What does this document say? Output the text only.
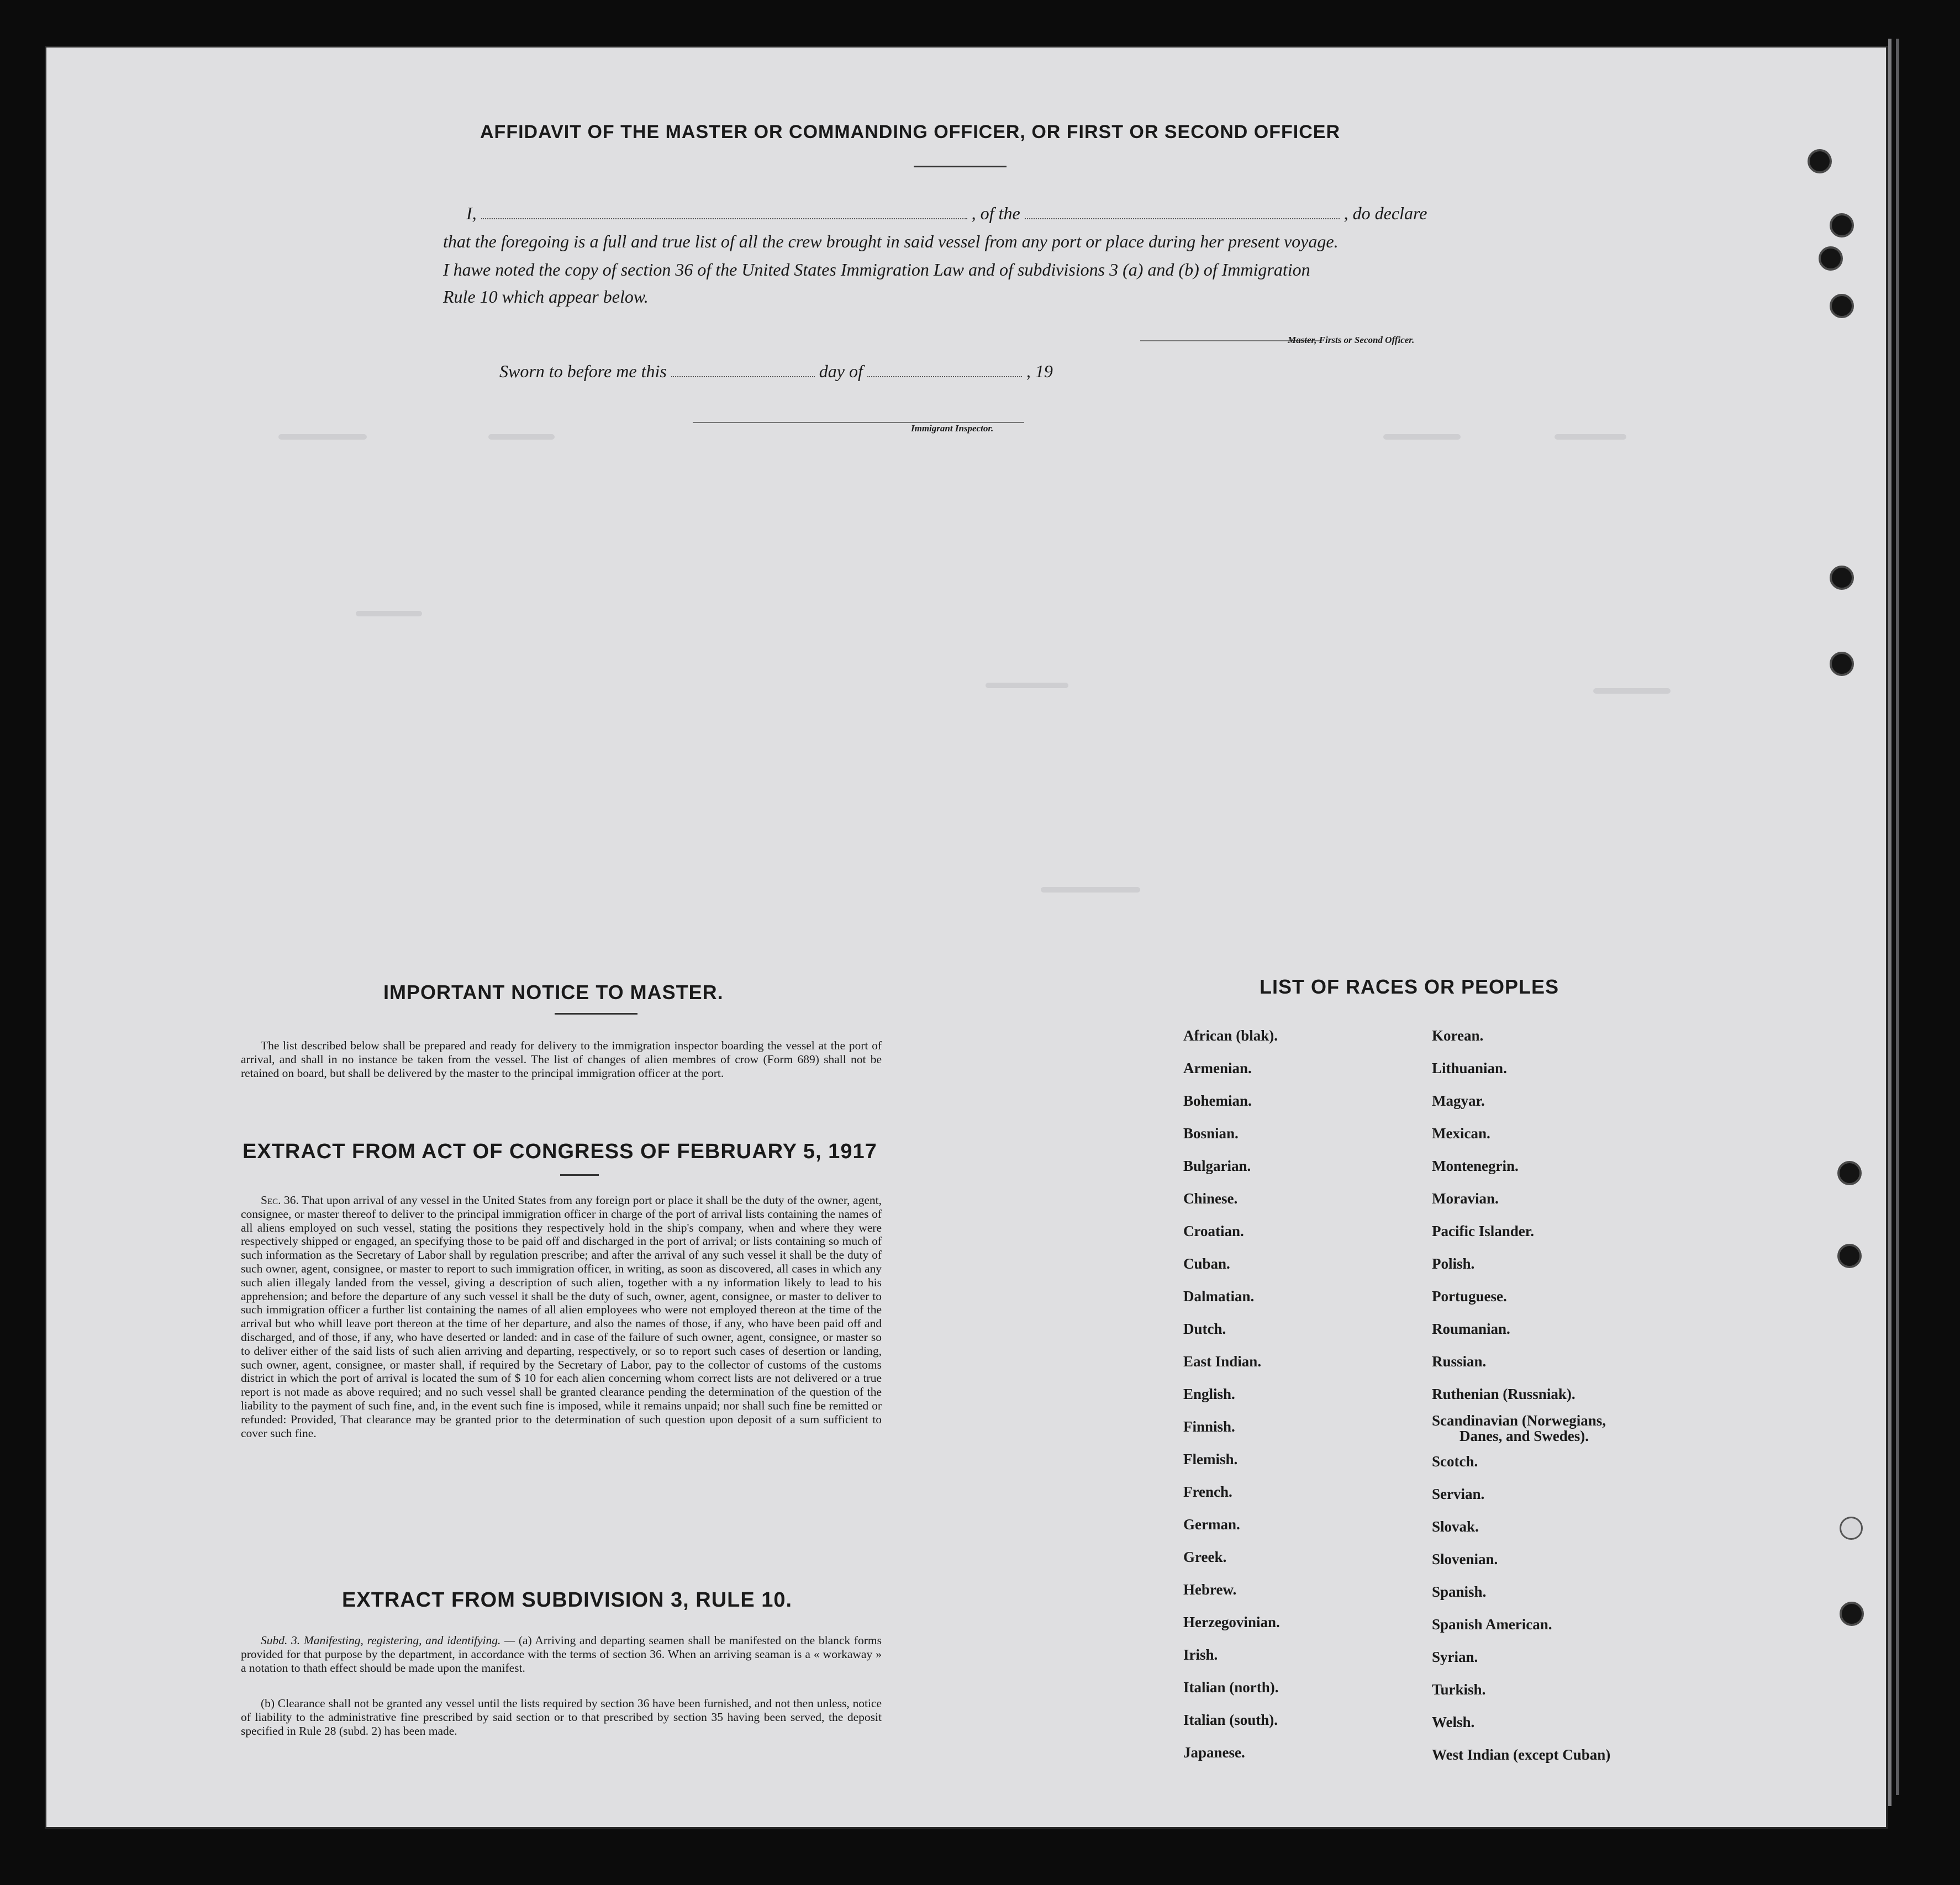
AFFIDAVIT OF THE MASTER OR COMMANDING OFFICER, OR FIRST OR SECOND OFFICER
I,	, of the	, do declare
that the foregoing is a full and true list of all the crew brought in said vessel from any port or place during her present voyage.
I hawe noted the copy of section 36 of the United States Immigration Law and of subdivisions 3 (a) and (b) of Immigration
Rule 10 which appear below.
Master, Firsts or Second Officer.
Sworn to before me this	day of	, 19
Immigrant Inspector.
IMPORTANT NOTICE TO MASTER.
The list described below shall be prepared and ready for delivery to the immigration inspector boarding the vessel at the port of arrival, and shall in no instance be taken from the vessel. The list of changes of alien membres of crow (Form 689) shall not be retained on board, but shall be delivered by the master to the principal immigration officer at the port.
EXTRACT FROM ACT OF CONGRESS OF FEBRUARY 5, 1917
Sec. 36. That upon arrival of any vessel in the United States from any foreign port or place it shall be the duty of the owner, agent, consignee, or master thereof to deliver to the principal immigration officer in charge of the port of arrival lists containing the names of all aliens employed on such vessel, stating the positions they respectively hold in the ship's company, when and where they were respectively shipped or engaged, an specifying those to be paid off and discharged in the port of arrival; or lists containing so much of such information as the Secretary of Labor shall by regulation prescribe; and after the arrival of any such vessel it shall be the duty of such owner, agent, consignee, or master to report to such immigration officer, in writing, as soon as discovered, all cases in which any such alien illegaly landed from the vessel, giving a description of such alien, together with a ny information likely to lead to his apprehension; and before the departure of any such vessel it shall be the duty of such, owner, agent, consignee, or master to deliver to such immigration officer a further list containing the names of all alien employees who were not employed thereon at the time of the arrival but who whill leave port thereon at the time of her departure, and also the names of those, if any, who have been paid off and discharged, and of those, if any, who have deserted or landed: and in case of the failure of such owner, agent, consignee, or master so to deliver either of the said lists of such alien arriving and departing, respectively, or so to report such cases of desertion or landing, such owner, agent, consignee, or master shall, if required by the Secretary of Labor, pay to the collector of customs of the customs district in which the port of arrival is located the sum of $ 10 for each alien concerning whom correct lists are not delivered or a true report is not made as above required; and no such vessel shall be granted clearance pending the determination of the question of the liability to the payment of such fine, and, in the event such fine is imposed, while it remains unpaid; nor shall such fine be remitted or refunded: Provided, That clearance may be granted prior to the determination of such question upon deposit of a sum sufficient to cover such fine.
EXTRACT FROM SUBDIVISION 3, RULE 10.
Subd. 3. Manifesting, registering, and identifying. — (a) Arriving and departing seamen shall be manifested on the blanck forms provided for that purpose by the department, in accordance with the terms of section 36. When an arriving seaman is a « workaway » a notation to thath effect should be made upon the manifest.
(b) Clearance shall not be granted any vessel until the lists required by section 36 have been furnished, and not then unless, notice of liability to the administrative fine prescribed by said section or to that prescribed by section 35 having been served, the deposit specified in Rule 28 (subd. 2) has been made.
LIST OF RACES OR PEOPLES
African (blak).
Armenian.
Bohemian.
Bosnian.
Bulgarian.
Chinese.
Croatian.
Cuban.
Dalmatian.
Dutch.
East Indian.
English.
Finnish.
Flemish.
French.
German.
Greek.
Hebrew.
Herzegovinian.
Irish.
Italian (north).
Italian (south).
Japanese.
Korean.
Lithuanian.
Magyar.
Mexican.
Montenegrin.
Moravian.
Pacific Islander.
Polish.
Portuguese.
Roumanian.
Russian.
Ruthenian (Russniak).
Scandinavian (Norwegians,
Danes, and Swedes).
Scotch.
Servian.
Slovak.
Slovenian.
Spanish.
Spanish American.
Syrian.
Turkish.
Welsh.
West Indian (except Cuban)
